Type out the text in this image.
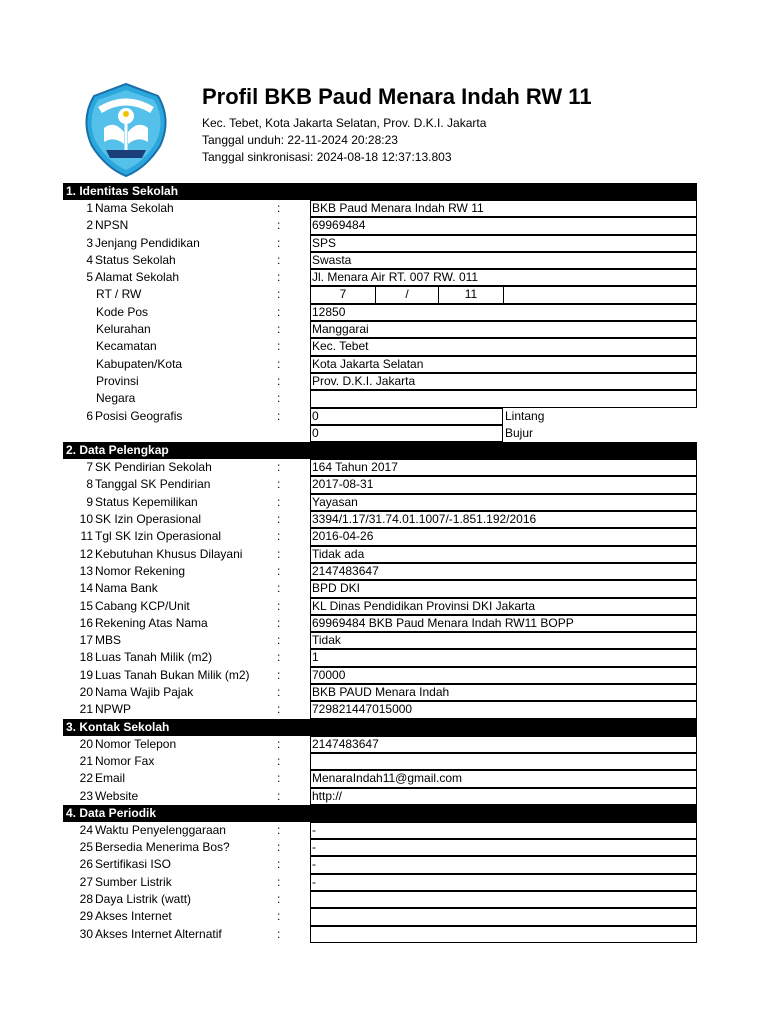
Profil BKB Paud Menara Indah RW 11
Kec. Tebet, Kota Jakarta Selatan, Prov. D.K.I. Jakarta
Tanggal unduh: 22-11-2024 20:28:23
Tanggal sinkronisasi: 2024-08-18 12:37:13.803
1. Identitas Sekolah
1 Nama Sekolah	:	BKB Paud Menara Indah RW 11
2 NPSN	:	69969484
3 Jenjang Pendidikan	:	SPS
4 Status Sekolah	:	Swasta
5 Alamat Sekolah	:	Jl. Menara Air RT. 007 RW. 011
RT / RW	:	7	/	11
Kode Pos	:	12850
Kelurahan	:	Manggarai
Kecamatan	:	Kec. Tebet
Kabupaten/Kota	:	Kota Jakarta Selatan
Provinsi	:	Prov. D.K.I. Jakarta
Negara	:
6 Posisi Geografis	:	0	Lintang
0	Bujur
2. Data Pelengkap
7 SK Pendirian Sekolah	:	164 Tahun 2017
8 Tanggal SK Pendirian	:	2017-08-31
9 Status Kepemilikan	:	Yayasan
10 SK Izin Operasional	:	3394/1.17/31.74.01.1007/-1.851.192/2016
11 Tgl SK Izin Operasional	:	2016-04-26
12 Kebutuhan Khusus Dilayani	:	Tidak ada
13 Nomor Rekening	:	2147483647
14 Nama Bank	:	BPD DKI
15 Cabang KCP/Unit	:	KL Dinas Pendidikan Provinsi DKI Jakarta
16 Rekening Atas Nama	:	69969484 BKB Paud Menara Indah RW11 BOPP
17 MBS	:	Tidak
18 Luas Tanah Milik (m2)	:	1
19 Luas Tanah Bukan Milik (m2) :	70000
20 Nama Wajib Pajak	:	BKB PAUD Menara Indah
21 NPWP	:	729821447015000
3. Kontak Sekolah
20 Nomor Telepon	:	2147483647
21 Nomor Fax	:
22 Email	:	MenaraIndah11@gmail.com
23 Website	:	http://
4. Data Periodik
24 Waktu Penyelenggaraan	:	-
25 Bersedia Menerima Bos?	:	-
26 Sertifikasi ISO	:	-
27 Sumber Listrik	:	-
28 Daya Listrik (watt)	:
29 Akses Internet	:
30 Akses Internet Alternatif	:
